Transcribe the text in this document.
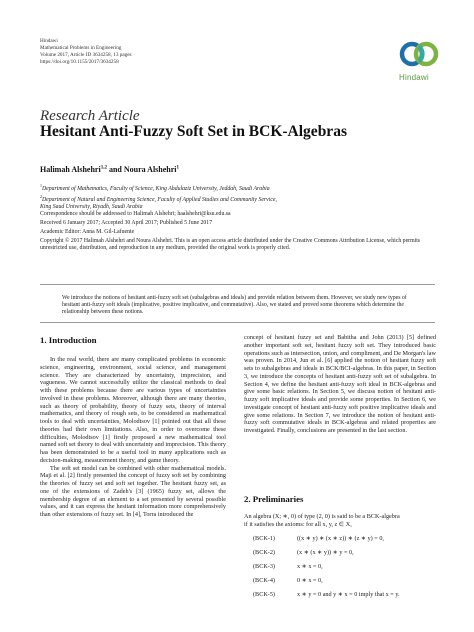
Hindawi
Mathematical Problems in Engineering
Volume 2017, Article ID 3634258, 13 pages
https://doi.org/10.1155/2017/3634258
Hindawi
Research Article
Hesitant Anti-Fuzzy Soft Set in BCK-Algebras
Halimah Alshehri$^{1,2}$ and Noura Alshehri$^1$
$^1$Department of Mathematics, Faculty of Science, King Abdulaziz University, Jeddah, Saudi Arabia
$^2$Department of Natural and Engineering Science, Faculty of Applied Studies and Community Service,
King Saud University, Riyadh, Saudi Arabia
Correspondence should be addressed to Halimah Alshehri; haalshehri@ksu.edu.sa
Received 6 January 2017; Accepted 30 April 2017; Published 5 June 2017
Academic Editor: Anna M. Gil-Lafuente
Copyright © 2017 Halimah Alshehri and Noura Alshehri. This is an open access article distributed under the Creative Commons Attribution License, which permits unrestricted use, distribution, and reproduction in any medium, provided the original work is properly cited.
We introduce the notions of hesitant anti-fuzzy soft set (subalgebras and ideals) and provide relation between them. However, we study new types of hesitant anti-fuzzy soft ideals (implicative, positive implicative, and commutative). Also, we stated and proved some theorems which determine the relationship between these notions.
1. Introduction

In the real world, there are many complicated problems in economic science, engineering, environment, social science, and management science. They are characterized by uncertainty, imprecision, and vagueness. We cannot successfully utilize the classical methods to deal with these problems because there are various types of uncertainties involved in these problems. Moreover, although there are many theories, such as theory of probability, theory of fuzzy sets, theory of interval mathematics, and theory of rough sets, to be considered as mathematical tools to deal with uncertainties, Molodtsov [1] pointed out that all these theories had their own limitations. Also, in order to overcome these difficulties, Molodtsov [1] firstly proposed a new mathematical tool named soft set theory to deal with uncertainty and imprecision. This theory has been demonstrated to be a useful tool in many applications such as decision-making, measurement theory, and game theory.

The soft set model can be combined with other mathematical models. Maji et al. [2] firstly presented the concept of fuzzy soft set by combining the theories of fuzzy set and soft set together. The hesitant fuzzy set, as one of the extensions of Zadeh's [3] (1965) fuzzy set, allows the membership degree of an element to a set presented by several possible values, and it can express the hesitant information more comprehensively than other extensions of fuzzy set. In [4], Torra introduced the

concept of hesitant fuzzy set and Babitha and John (2013) [5] defined another important soft set, hesitant fuzzy soft set. They introduced basic operations such as intersection, union, and compliment, and De Morgan's law was proven. In 2014, Jun et al. [6] applied the notion of hesitant fuzzy soft sets to subalgebras and ideals in BCK/BCI-algebras. In this paper, in Section 3, we introduce the concepts of hesitant anti-fuzzy soft set of subalgebra. In Section 4, we define the hesitant anti-fuzzy soft ideal in BCK-algebras and give some basic relations. In Section 5, we discuss notion of hesitant anti-fuzzy soft implicative ideals and provide some properties. In Section 6, we investigate concept of hesitant anti-fuzzy soft positive implicative ideals and give some relations. In Section 7, we introduce the notion of hesitant anti-fuzzy soft commutative ideals in BCK-algebras and related properties are investigated. Finally, conclusions are presented in the last section.

2. Preliminaries
An algebra (X; ∗, 0) of type (2, 0) is said to be a BCK-algebra
if it satisfies the axioms: for all x, y, z ∈ X,
(BCK-1)	((x ∗ y) ∗ (x ∗ z)) ∗ (z ∗ y) = 0,
(BCK-2)	(x ∗ (x ∗ y)) ∗ y = 0,
(BCK-3)	x ∗ x = 0,
(BCK-4)	0 ∗ x = 0,
(BCK-5)	x ∗ y = 0 and y ∗ x = 0 imply that x = y.
